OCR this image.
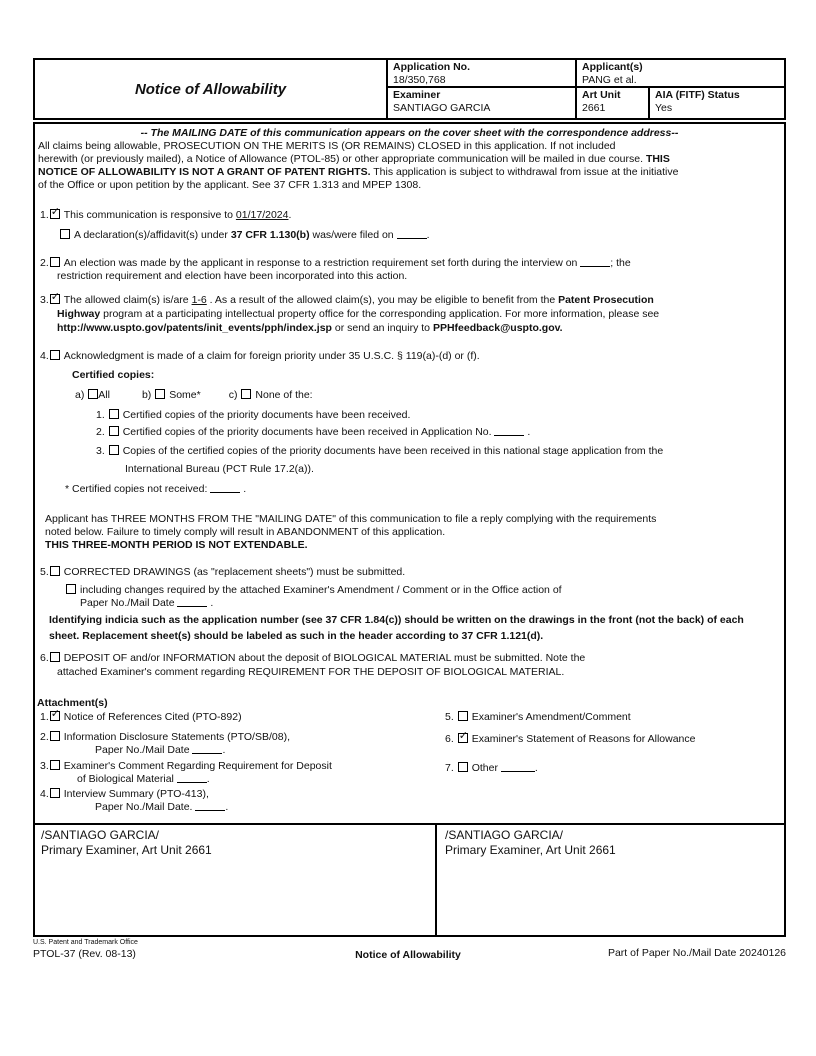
Notice of Allowability
Application No.
18/350,768
Applicant(s)
PANG et al.
Examiner
SANTIAGO GARCIA
Art Unit
2661
AIA (FITF) Status
Yes
-- The MAILING DATE of this communication appears on the cover sheet with the correspondence address--
All claims being allowable, PROSECUTION ON THE MERITS IS (OR REMAINS) CLOSED in this application. If not included
herewith (or previously mailed), a Notice of Allowance (PTOL-85) or other appropriate communication will be mailed in due course. THIS
NOTICE OF ALLOWABILITY IS NOT A GRANT OF PATENT RIGHTS. This application is subject to withdrawal from issue at the initiative
of the Office or upon petition by the applicant. See 37 CFR 1.313 and MPEP 1308.
1. ✓ This communication is responsive to 01/17/2024.
A declaration(s)/affidavit(s) under 37 CFR 1.130(b) was/were filed on	.
2. An election was made by the applicant in response to a restriction requirement set forth during the interview on	; the
restriction requirement and election have been incorporated into this action.
3. ✓ The allowed claim(s) is/are 1-6 . As a result of the allowed claim(s), you may be eligible to benefit from the Patent Prosecution
Highway program at a participating intellectual property office for the corresponding application. For more information, please see
http://www.uspto.gov/patents/init_events/pph/index.jsp or send an inquiry to PPHfeedback@uspto.gov.
4. Acknowledgment is made of a claim for foreign priority under 35 U.S.C. § 119(a)-(d) or (f).
Certified copies:
a) All	b) Some*	c) None of the:
1. Certified copies of the priority documents have been received.
2. Certified copies of the priority documents have been received in Application No.	.
3. Copies of the certified copies of the priority documents have been received in this national stage application from the
International Bureau (PCT Rule 17.2(a)).
* Certified copies not received:	.
Applicant has THREE MONTHS FROM THE "MAILING DATE" of this communication to file a reply complying with the requirements
noted below. Failure to timely comply will result in ABANDONMENT of this application.
THIS THREE-MONTH PERIOD IS NOT EXTENDABLE.
5. CORRECTED DRAWINGS (as "replacement sheets") must be submitted.
including changes required by the attached Examiner's Amendment / Comment or in the Office action of
Paper No./Mail Date	.
Identifying indicia such as the application number (see 37 CFR 1.84(c)) should be written on the drawings in the front (not the back) of each
sheet. Replacement sheet(s) should be labeled as such in the header according to 37 CFR 1.121(d).
6. DEPOSIT OF and/or INFORMATION about the deposit of BIOLOGICAL MATERIAL must be submitted. Note the
attached Examiner's comment regarding REQUIREMENT FOR THE DEPOSIT OF BIOLOGICAL MATERIAL.
Attachment(s)
1. ✓ Notice of References Cited (PTO-892)
2. Information Disclosure Statements (PTO/SB/08),
Paper No./Mail Date	.
3. Examiner's Comment Regarding Requirement for Deposit
of Biological Material	.
4. Interview Summary (PTO-413),
Paper No./Mail Date.	.
5. Examiner's Amendment/Comment
6. ✓ Examiner's Statement of Reasons for Allowance
7. Other	.
/SANTIAGO GARCIA/
Primary Examiner, Art Unit 2661
/SANTIAGO GARCIA/
Primary Examiner, Art Unit 2661
U.S. Patent and Trademark Office
PTOL-37 (Rev. 08-13)	Notice of Allowability	Part of Paper No./Mail Date 20240126
